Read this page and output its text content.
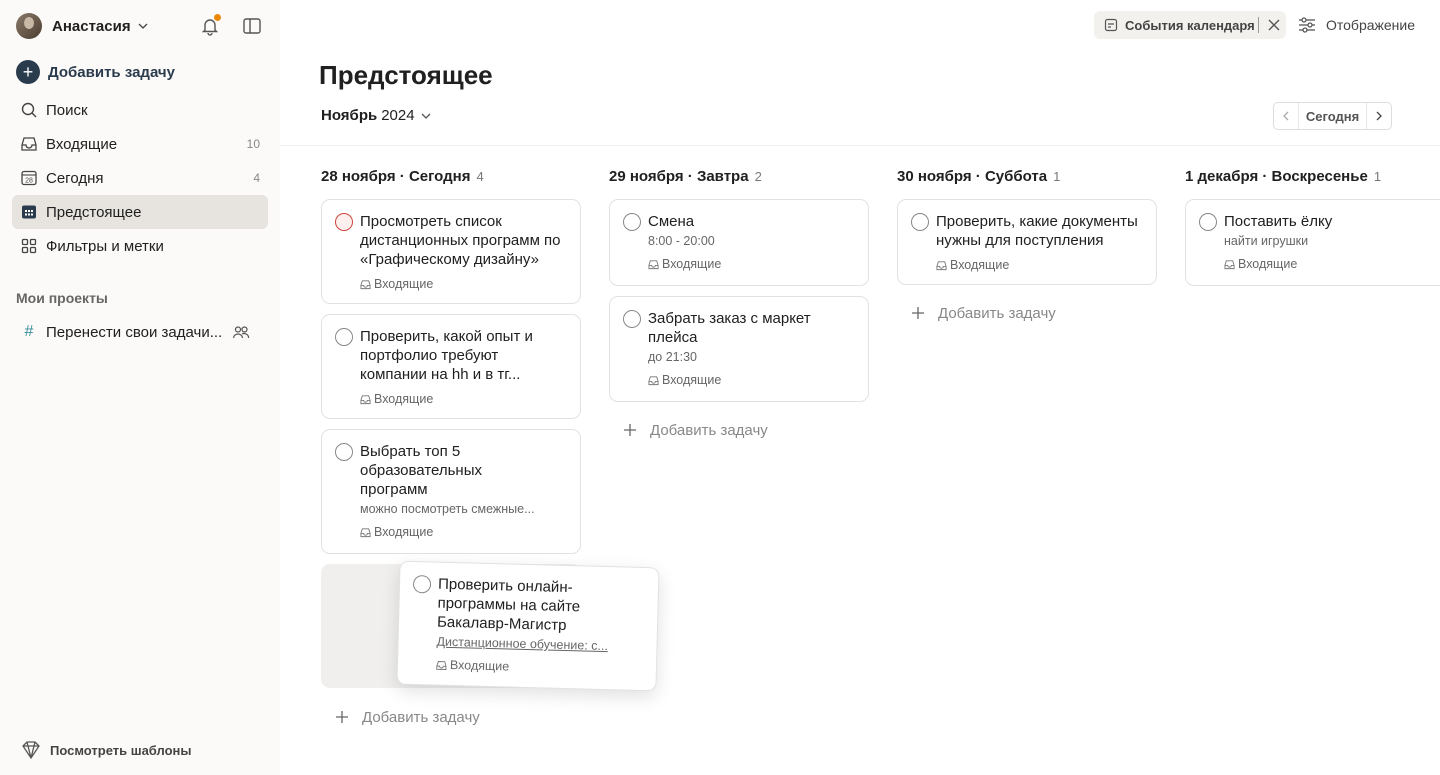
Анастасия
+ Добавить задачу
Поиск
Входящие	10
28 Сегодня	4
Предстоящее
Фильтры и метки
Мои проекты
# Перенести свои задачи...
Посмотреть шаблоны
События календаря	Отображение
Предстоящее
Ноябрь 2024	Сегодня
28 ноября · Сегодня 4	29 ноября · Завтра 2	30 ноября · Суббота 1	1 декабря · Воскресенье 1
Просмотреть список дистанционных программ по «Графическому дизайну»
Входящие
Проверить, какой опыт и портфолио требуют компании на hh и в тг...
Входящие
Выбрать топ 5 образовательных программ
можно посмотреть смежные...
Входящие
Проверить онлайн-программы на сайте Бакалавр-Магистр
Дистанционное обучение: с...
Входящие
Добавить задачу
Смена
8:00 - 20:00
Входящие
Забрать заказ с маркет плейса
до 21:30
Входящие
Добавить задачу
Проверить, какие документы нужны для поступления
Входящие
Добавить задачу
Поставить ёлку
найти игрушки
Входящие
